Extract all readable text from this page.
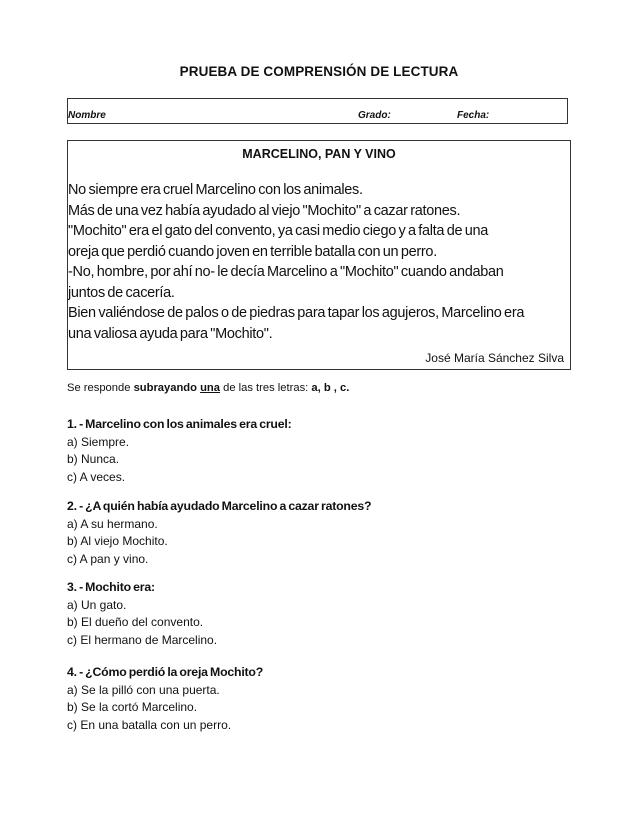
PRUEBA DE COMPRENSIÓN DE LECTURA
Nombre	Grado:	Fecha:
MARCELINO, PAN Y VINO

No siempre era cruel Marcelino con los animales.

Más de una vez había ayudado al viejo "Mochito" a cazar ratones.

"Mochito" era el gato del convento, ya casi medio ciego y a falta de una

oreja que perdió cuando joven en terrible batalla con un perro.

-No, hombre, por ahí no- le decía Marcelino a "Mochito" cuando andaban

juntos de cacería.

Bien valiéndose de palos o de piedras para tapar los agujeros, Marcelino era

una valiosa ayuda para "Mochito".

José María Sánchez Silva
Se responde subrayando una de las tres letras: a, b , c.
1. - Marcelino con los animales era cruel:
a) Siempre.
b) Nunca.
c) A veces.
2. - ¿A quién había ayudado Marcelino a cazar ratones?
a) A su hermano.
b) Al viejo Mochito.
c) A pan y vino.
3. - Mochito era:
a) Un gato.
b) El dueño del convento.
c) El hermano de Marcelino.
4. - ¿Cómo perdió la oreja Mochito?
a) Se la pilló con una puerta.
b) Se la cortó Marcelino.
c) En una batalla con un perro.
